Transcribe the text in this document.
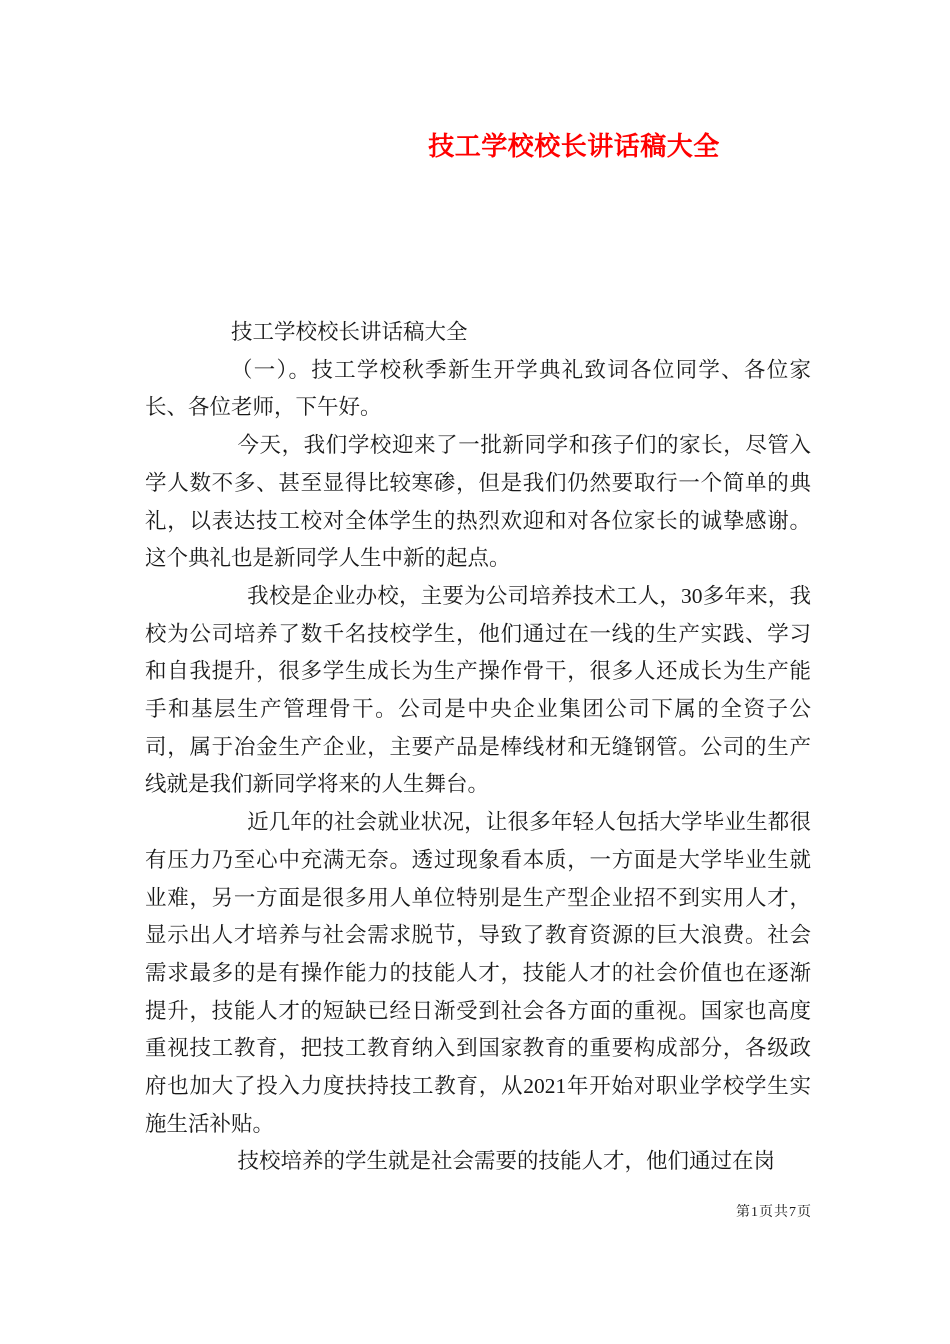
技工学校校长讲话稿大全

技工学校校长讲话稿大全

（一）。技工学校秋季新生开学典礼致词各位同学、各位家长、各位老师，下午好。

今天，我们学校迎来了一批新同学和孩子们的家长，尽管入学人数不多、甚至显得比较寒碜，但是我们仍然要取行一个简单的典礼，以表达技工校对全体学生的热烈欢迎和对各位家长的诚挚感谢。这个典礼也是新同学人生中新的起点。

我校是企业办校，主要为公司培养技术工人，30多年来，我校为公司培养了数千名技校学生，他们通过在一线的生产实践、学习和自我提升，很多学生成长为生产操作骨干，很多人还成长为生产能手和基层生产管理骨干。公司是中央企业集团公司下属的全资子公司，属于冶金生产企业，主要产品是棒线材和无缝钢管。公司的生产线就是我们新同学将来的人生舞台。

近几年的社会就业状况，让很多年轻人包括大学毕业生都很有压力乃至心中充满无奈。透过现象看本质，一方面是大学毕业生就业难，另一方面是很多用人单位特别是生产型企业招不到实用人才，显示出人才培养与社会需求脱节，导致了教育资源的巨大浪费。社会需求最多的是有操作能力的技能人才，技能人才的社会价值也在逐渐提升，技能人才的短缺已经日渐受到社会各方面的重视。国家也高度重视技工教育，把技工教育纳入到国家教育的重要构成部分，各级政府也加大了投入力度扶持技工教育，从2021年开始对职业学校学生实施生活补贴。

技校培养的学生就是社会需要的技能人才，他们通过在岗

第1页共7页
